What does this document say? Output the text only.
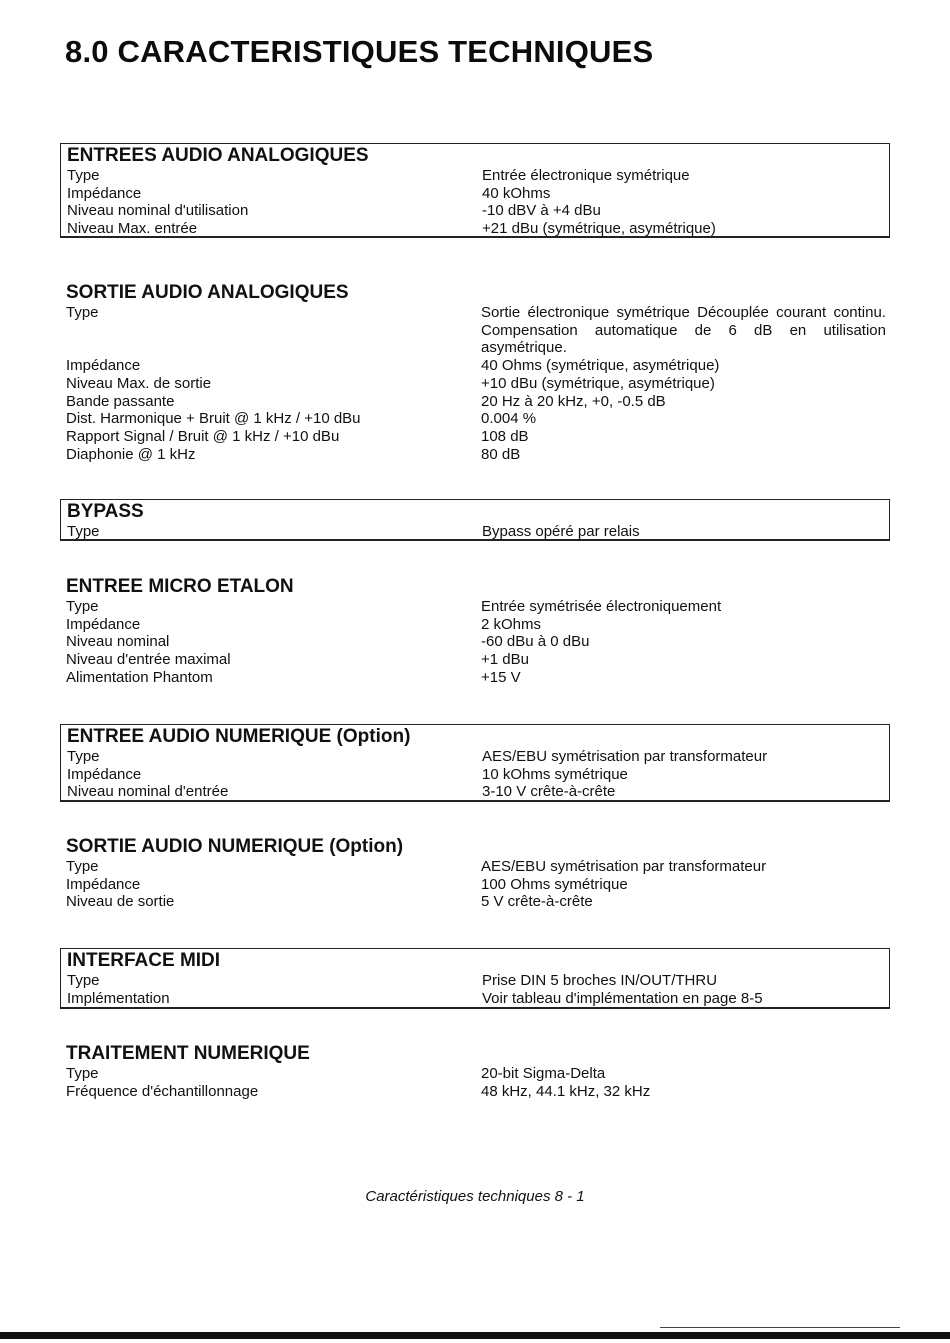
8.0 CARACTERISTIQUES TECHNIQUES
ENTREES AUDIO ANALOGIQUES
Type	Entrée électronique symétrique
Impédance	40 kOhms
Niveau nominal d'utilisation	-10 dBV à +4 dBu
Niveau Max. entrée	+21 dBu (symétrique, asymétrique)
SORTIE AUDIO ANALOGIQUES
Type	Sortie électronique symétrique Découplée courant continu. Compensation automatique de 6 dB en utilisation asymétrique.
Impédance	40 Ohms (symétrique, asymétrique)
Niveau Max. de sortie	+10 dBu (symétrique, asymétrique)
Bande passante	20 Hz à 20 kHz, +0, -0.5 dB
Dist. Harmonique + Bruit @ 1 kHz / +10 dBu	0.004 %
Rapport Signal / Bruit @ 1 kHz / +10 dBu	108 dB
Diaphonie @ 1 kHz	80 dB
BYPASS
Type	Bypass opéré par relais
ENTREE MICRO ETALON
Type	Entrée symétrisée électroniquement
Impédance	2 kOhms
Niveau nominal	-60 dBu à 0 dBu
Niveau d'entrée maximal	+1 dBu
Alimentation Phantom	+15 V
ENTREE AUDIO NUMERIQUE (Option)
Type	AES/EBU symétrisation par transformateur
Impédance	10 kOhms symétrique
Niveau nominal d'entrée	3-10 V crête-à-crête
SORTIE AUDIO NUMERIQUE (Option)
Type	AES/EBU symétrisation par transformateur
Impédance	100 Ohms symétrique
Niveau de sortie	5 V crête-à-crête
INTERFACE MIDI
Type	Prise DIN 5 broches IN/OUT/THRU
Implémentation	Voir tableau d'implémentation en page 8-5
TRAITEMENT NUMERIQUE
Type	20-bit Sigma-Delta
Fréquence d'échantillonnage	48 kHz, 44.1 kHz, 32 kHz
Caractéristiques techniques 8 - 1
